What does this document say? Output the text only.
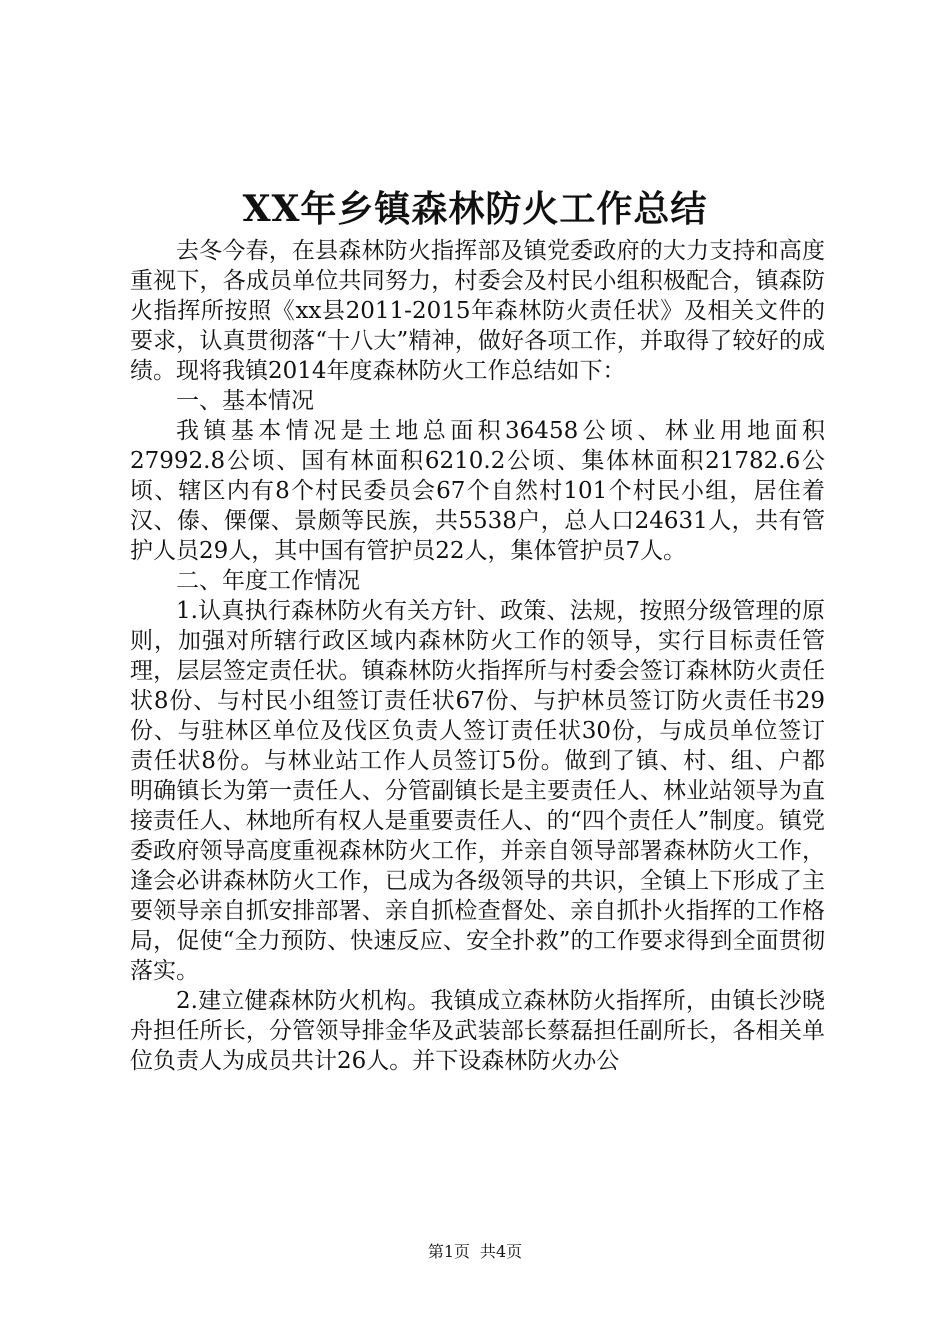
XX年乡镇森林防火工作总结

去冬今春，在县森林防火指挥部及镇党委政府的大力支持和高度重视下，各成员单位共同努力，村委会及村民小组积极配合，镇森防火指挥所按照《xx县2011-2015年森林防火责任状》及相关文件的要求，认真贯彻落“十八大”精神，做好各项工作，并取得了较好的成绩。现将我镇2014年度森林防火工作总结如下：

一、基本情况

我镇基本情况是土地总面积36458公顷、林业用地面积27992.8公顷、国有林面积6210.2公顷、集体林面积21782.6公顷、辖区内有8个村民委员会67个自然村101个村民小组，居住着汉、傣、傈僳、景颇等民族，共5538户，总人口24631人，共有管护人员29人，其中国有管护员22人，集体管护员7人。

二、年度工作情况

1.认真执行森林防火有关方针、政策、法规，按照分级管理的原则，加强对所辖行政区域内森林防火工作的领导，实行目标责任管理，层层签定责任状。镇森林防火指挥所与村委会签订森林防火责任状8份、与村民小组签订责任状67份、与护林员签订防火责任书29份、与驻林区单位及伐区负责人签订责任状30份，与成员单位签订责任状8份。与林业站工作人员签订5份。做到了镇、村、组、户都明确镇长为第一责任人、分管副镇长是主要责任人、林业站领导为直接责任人、林地所有权人是重要责任人、的“四个责任人”制度。镇党委政府领导高度重视森林防火工作，并亲自领导部署森林防火工作，逢会必讲森林防火工作，已成为各级领导的共识，全镇上下形成了主要领导亲自抓安排部署、亲自抓检查督处、亲自抓扑火指挥的工作格局，促使“全力预防、快速反应、安全扑救”的工作要求得到全面贯彻落实。

2.建立健森林防火机构。我镇成立森林防火指挥所，由镇长沙晓舟担任所长，分管领导排金华及武装部长蔡磊担任副所长，各相关单位负责人为成员共计26人。并下设森林防火办公

第1页 共4页
